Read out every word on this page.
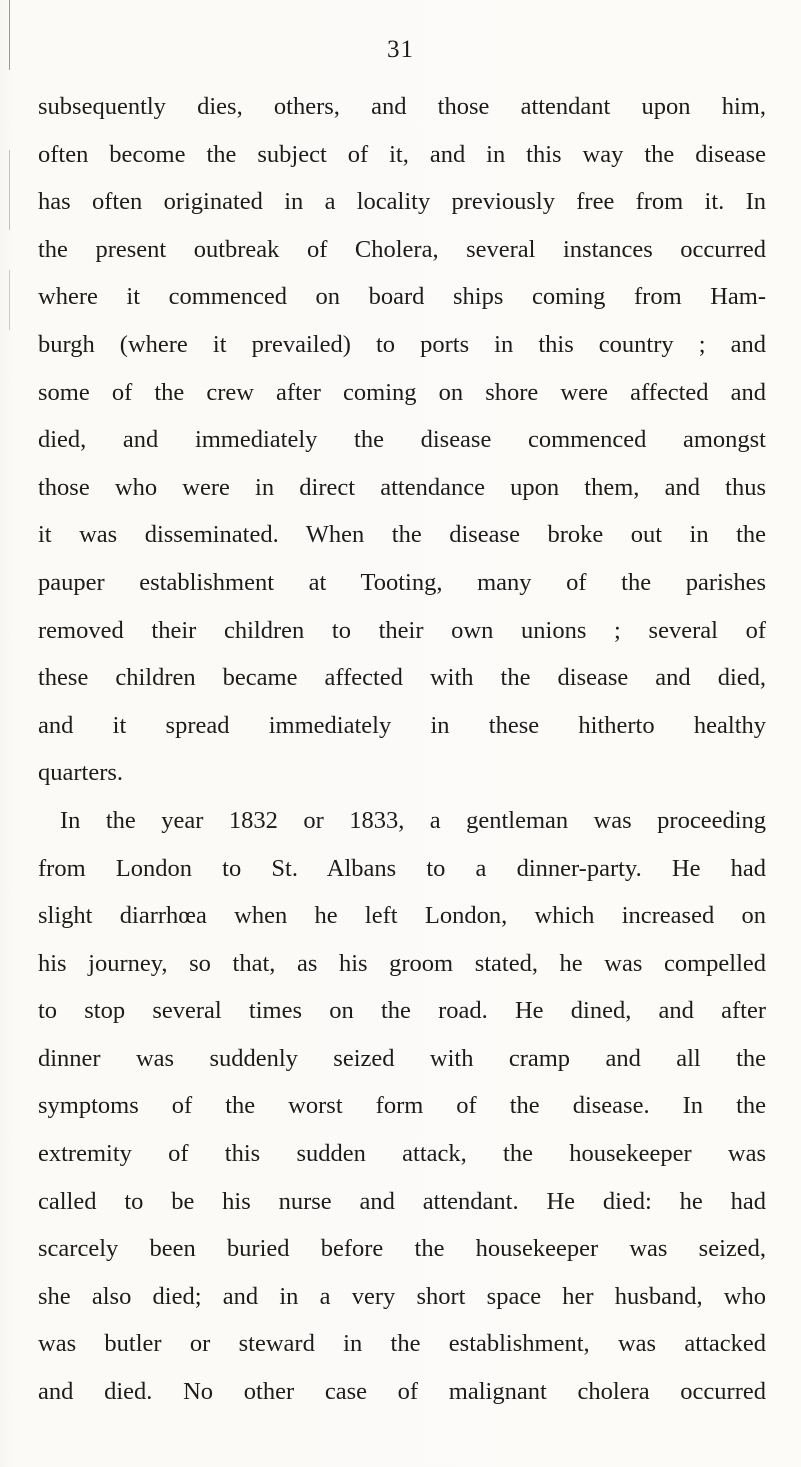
31
subsequently dies, others, and those attendant upon him,
often become the subject of it, and in this way the disease
has often originated in a locality previously free from it. In
the present outbreak of Cholera, several instances occurred
where it commenced on board ships coming from Ham-
burgh (where it prevailed) to ports in this country ; and
some of the crew after coming on shore were affected and
died, and immediately the disease commenced amongst
those who were in direct attendance upon them, and thus
it was disseminated. When the disease broke out in the
pauper establishment at Tooting, many of the parishes
removed their children to their own unions ; several of
these children became affected with the disease and died,
and it spread immediately in these hitherto healthy
quarters.
In the year 1832 or 1833, a gentleman was proceeding
from London to St. Albans to a dinner-party. He had
slight diarrhœa when he left London, which increased on
his journey, so that, as his groom stated, he was compelled
to stop several times on the road. He dined, and after
dinner was suddenly seized with cramp and all the
symptoms of the worst form of the disease. In the
extremity of this sudden attack, the housekeeper was
called to be his nurse and attendant. He died: he had
scarcely been buried before the housekeeper was seized,
she also died; and in a very short space her husband, who
was butler or steward in the establishment, was attacked
and died. No other case of malignant cholera occurred
